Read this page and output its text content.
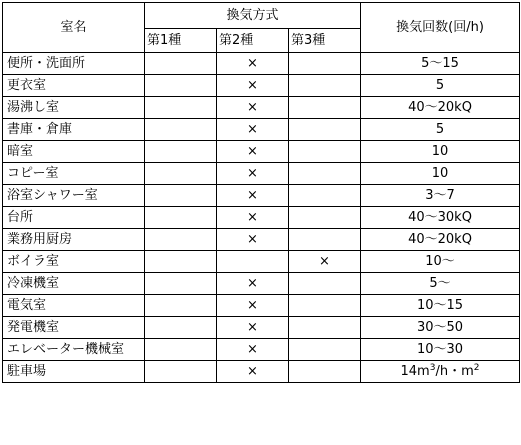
室名	換気方式			換気回数(回/h)
	第1種	第2種	第3種	
便所・洗面所		×		5〜15
更衣室		×		5
湯沸し室		×		40〜20kQ
書庫・倉庫		×		5
暗室		×		10
コピー室		×		10
浴室シャワー室		×		3〜7
台所		×		40〜30kQ
業務用厨房		×		40〜20kQ
ボイラ室			×	10〜
冷凍機室		×		5〜
電気室		×		10〜15
発電機室		×		30〜50
エレベーター機械室		×		10〜30
駐車場		×		$14m^3/h$・$m^2$
